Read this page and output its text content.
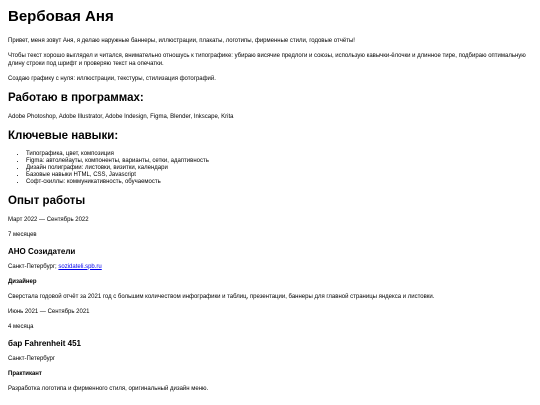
Вербовая Аня

Привет, меня зовут Аня, я делаю наружные баннеры, иллюстрации, плакаты, логотипы, фирменные стили, годовые отчёты!

Чтобы текст хорошо выглядел и читался, внимательно отношусь к типографике: убираю висячие предлоги и союзы, использую кавычки-ёлочки и длинное тире, подбираю оптимальную длину строки под шрифт и проверяю текст на опечатки.

Создаю графику с нуля: иллюстрации, текстуры, стилизация фотографий.

Работаю в программах:

Adobe Photoshop, Adobe Illustrator, Adobe Indesign, Figma, Blender, Inkscape, Krita

Ключевые навыки:
• Типографика, цвет, композиция
• Figma: автолейауты, компоненты, варианты, сетки, адаптивность
• Дизайн полиграфии: листовки, визитки, календари
• Базовые навыки HTML, CSS, Javascript
• Софт-скиллы: коммуникативность, обучаемость
Опыт работы

Март 2022 — Сентябрь 2022

7 месяцев

АНО Созидатели

Санкт-Петербург; sozidateli.spb.ru

Дизайнер

Сверстала годовой отчёт за 2021 год с большим количеством инфографики и таблиц, презентации, баннеры для главной страницы яндекса и листовки.

Июнь 2021 — Сентябрь 2021

4 месяца

бар Fahrenheit 451

Санкт-Петербург

Практикант

Разработка логотипа и фирменного стиля, оригинальный дизайн меню.
